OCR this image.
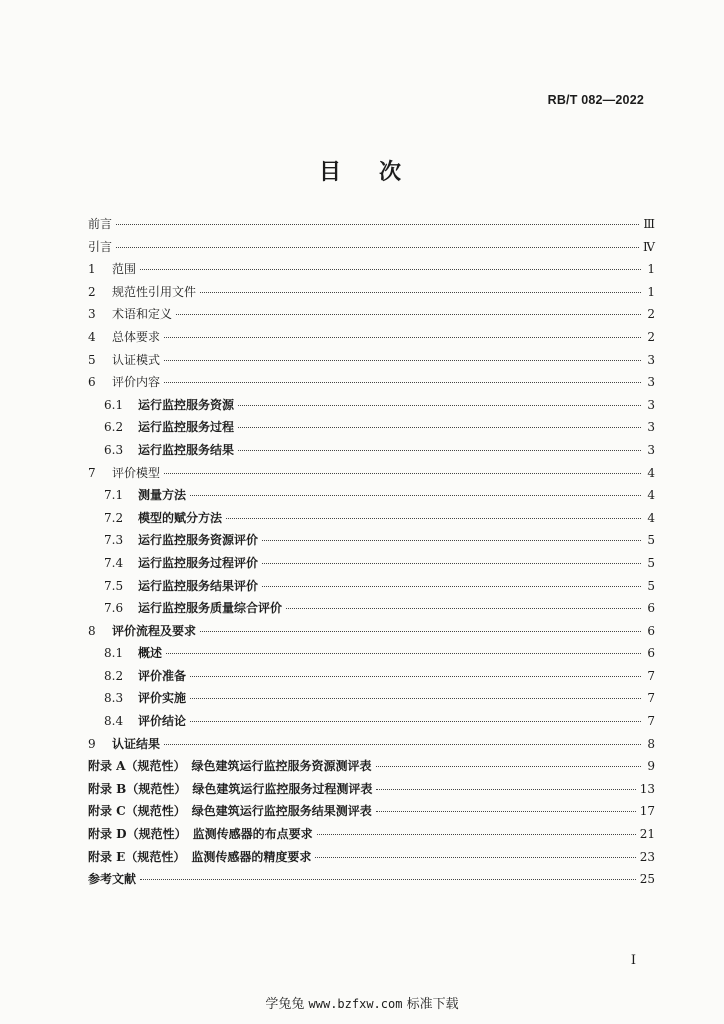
RB/T 082—2022
目 次
前言	Ⅲ
引言	Ⅳ
1	范围	1
2	规范性引用文件	1
3	术语和定义	2
4	总体要求	2
5	认证模式	3
6	评价内容	3
6.1 运行监控服务资源	3
6.2 运行监控服务过程	3
6.3 运行监控服务结果	3
7	评价模型	4
7.1 测量方法	4
7.2 模型的赋分方法	4
7.3 运行监控服务资源评价	5
7.4 运行监控服务过程评价	5
7.5 运行监控服务结果评价	5
7.6 运行监控服务质量综合评价	6
8	评价流程及要求	6
8.1 概述	6
8.2 评价准备	7
8.3 评价实施	7
8.4 评价结论	7
9	认证结果	8
附录 A（规范性）　绿色建筑运行监控服务资源测评表	9
附录 B（规范性）　绿色建筑运行监控服务过程测评表	13
附录 C（规范性）　绿色建筑运行监控服务结果测评表	17
附录 D（规范性）　监测传感器的布点要求	21
附录 E（规范性）　监测传感器的精度要求	23
参考文献	25
I
学兔兔 www.bzfxw.com 标准下载
